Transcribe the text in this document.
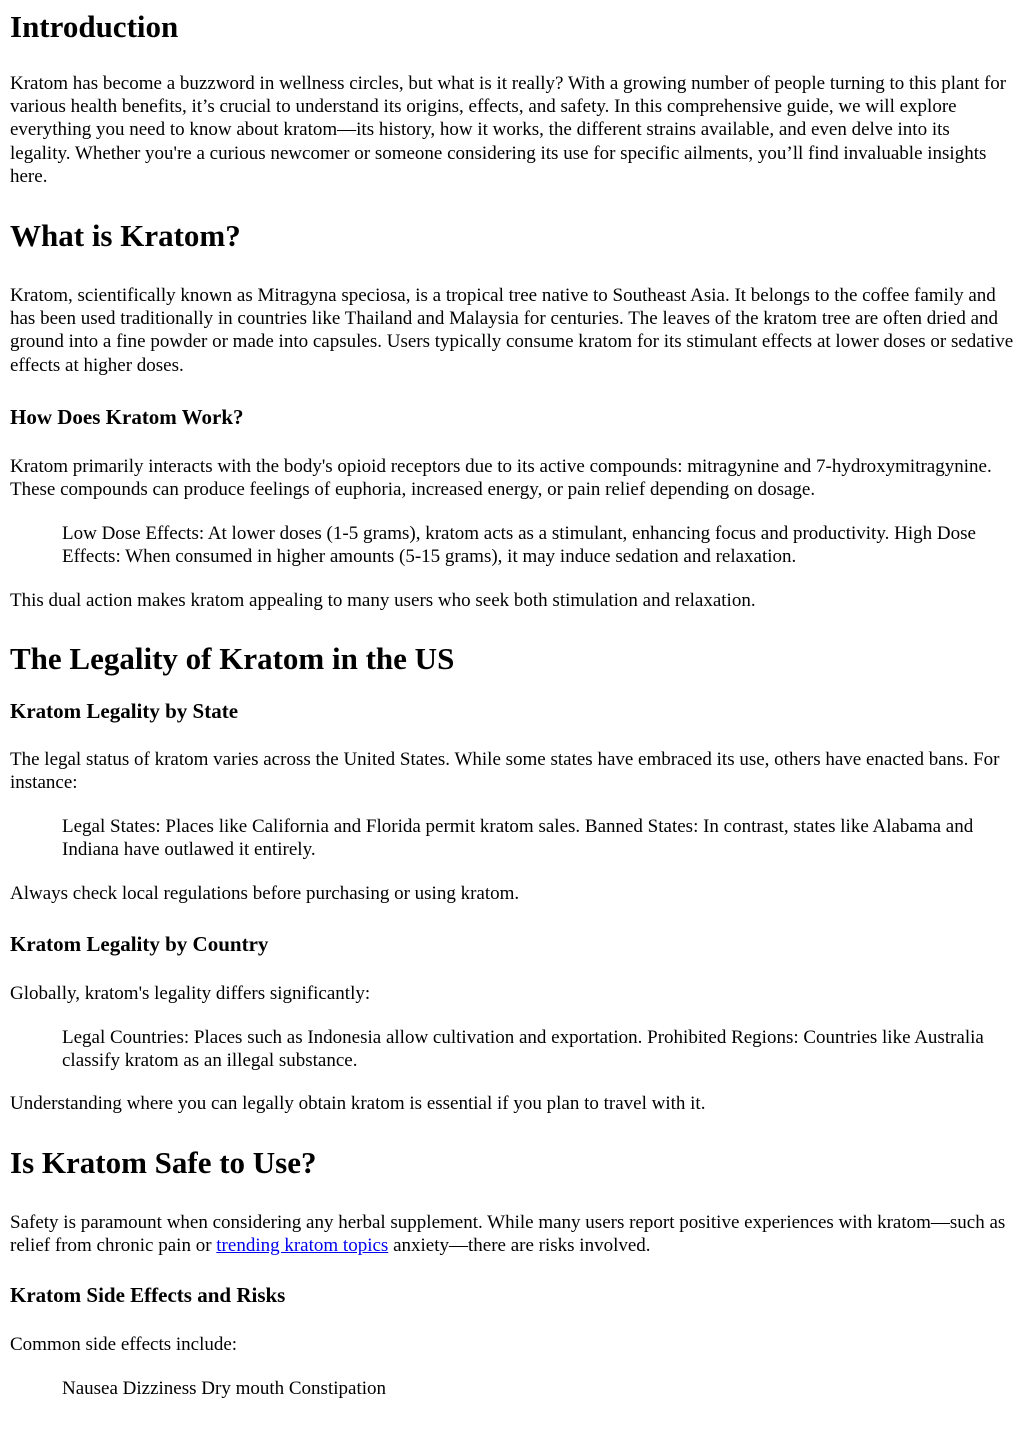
Introduction

Kratom has become a buzzword in wellness circles, but what is it really? With a growing number of people turning to this plant for various health benefits, it’s crucial to understand its origins, effects, and safety. In this comprehensive guide, we will explore everything you need to know about kratom—its history, how it works, the different strains available, and even delve into its legality. Whether you're a curious newcomer or someone considering its use for specific ailments, you’ll find invaluable insights here.

What is Kratom?

Kratom, scientifically known as Mitragyna speciosa, is a tropical tree native to Southeast Asia. It belongs to the coffee family and has been used traditionally in countries like Thailand and Malaysia for centuries. The leaves of the kratom tree are often dried and ground into a fine powder or made into capsules. Users typically consume kratom for its stimulant effects at lower doses or sedative effects at higher doses.

How Does Kratom Work?

Kratom primarily interacts with the body's opioid receptors due to its active compounds: mitragynine and 7-hydroxymitragynine. These compounds can produce feelings of euphoria, increased energy, or pain relief depending on dosage.

Low Dose Effects: At lower doses (1-5 grams), kratom acts as a stimulant, enhancing focus and productivity. High Dose Effects: When consumed in higher amounts (5-15 grams), it may induce sedation and relaxation.

This dual action makes kratom appealing to many users who seek both stimulation and relaxation.

The Legality of Kratom in the US
Kratom Legality by State

The legal status of kratom varies across the United States. While some states have embraced its use, others have enacted bans. For instance:

Legal States: Places like California and Florida permit kratom sales. Banned States: In contrast, states like Alabama and Indiana have outlawed it entirely.

Always check local regulations before purchasing or using kratom.

Kratom Legality by Country

Globally, kratom's legality differs significantly:

Legal Countries: Places such as Indonesia allow cultivation and exportation. Prohibited Regions: Countries like Australia classify kratom as an illegal substance.

Understanding where you can legally obtain kratom is essential if you plan to travel with it.

Is Kratom Safe to Use?

Safety is paramount when considering any herbal supplement. While many users report positive experiences with kratom—such as relief from chronic pain or trending kratom topics anxiety—there are risks involved.

Kratom Side Effects and Risks

Common side effects include:

Nausea Dizziness Dry mouth Constipation
